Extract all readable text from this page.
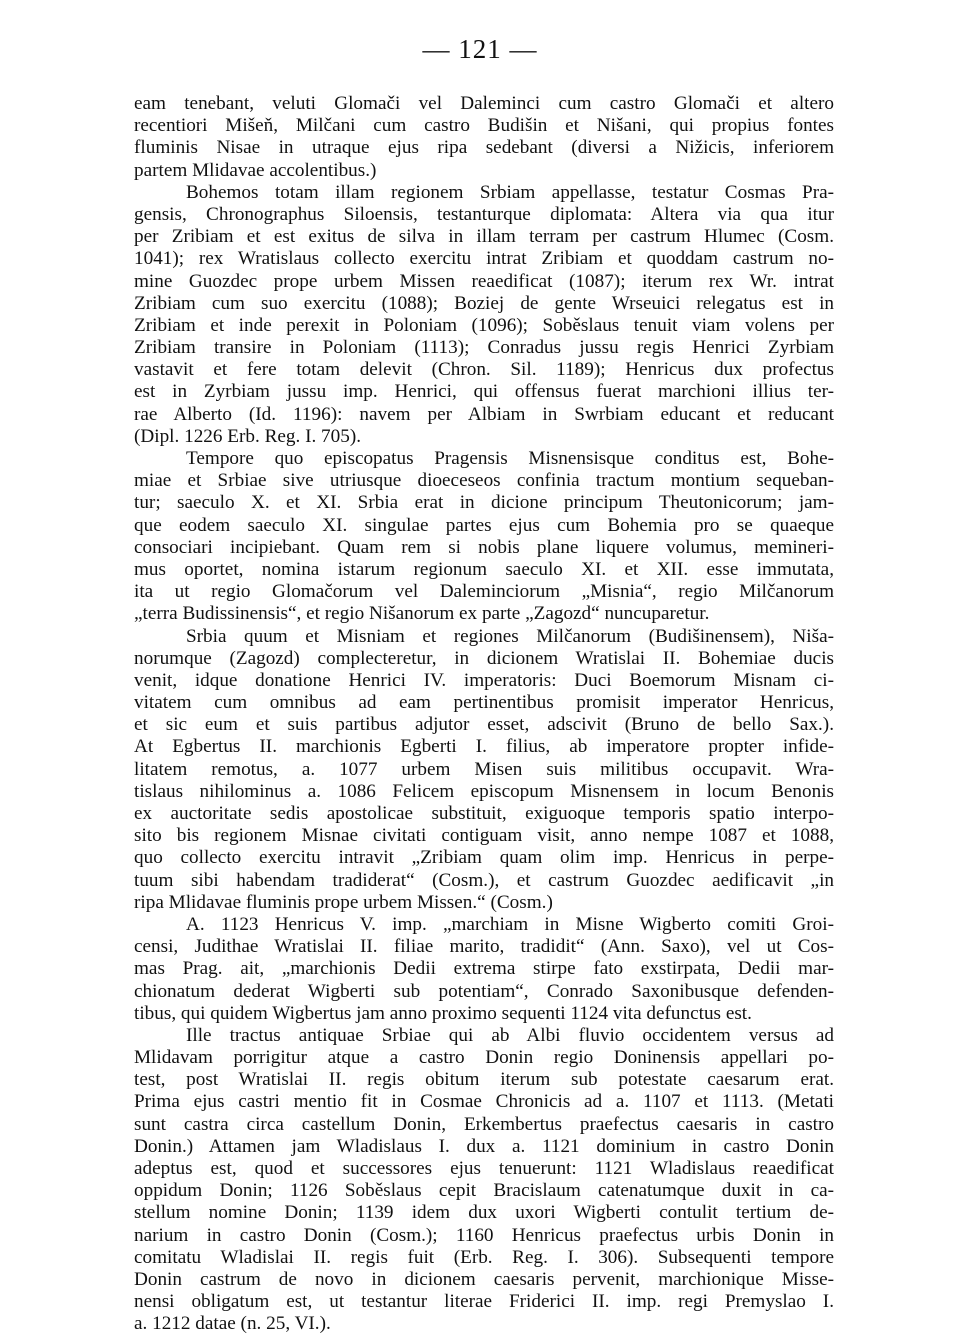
— 121 —
eam tenebant, veluti Glomači vel Daleminci cum castro Glomači et altero
recentiori Mišeň, Milčani cum castro Budišin et Nišani, qui propius fontes
fluminis Nisae in utraque ejus ripa sedebant (diversi a Nižicis, inferiorem
partem Mlidavae accolentibus.)
Bohemos totam illam regionem Srbiam appellasse, testatur Cosmas Pra-
gensis, Chronographus Siloensis, testanturque diplomata: Altera via qua itur
per Zribiam et est exitus de silva in illam terram per castrum Hlumec (Cosm.
1041); rex Wratislaus collecto exercitu intrat Zribiam et quoddam castrum no-
mine Guozdec prope urbem Missen reaedificat (1087); iterum rex Wr. intrat
Zribiam cum suo exercitu (1088); Boziej de gente Wrseuici relegatus est in
Zribiam et inde perexit in Poloniam (1096); Soběslaus tenuit viam volens per
Zribiam transire in Poloniam (1113); Conradus jussu regis Henrici Zyrbiam
vastavit et fere totam delevit (Chron. Sil. 1189); Henricus dux profectus
est in Zyrbiam jussu imp. Henrici, qui offensus fuerat marchioni illius ter-
rae Alberto (Id. 1196): navem per Albiam in Swrbiam educant et reducant
(Dipl. 1226 Erb. Reg. I. 705).
Tempore quo episcopatus Pragensis Misnensisque conditus est, Bohe-
miae et Srbiae sive utriusque dioeceseos confinia tractum montium sequeban-
tur; saeculo X. et XI. Srbia erat in dicione principum Theutonicorum; jam-
que eodem saeculo XI. singulae partes ejus cum Bohemia pro se quaeque
consociari incipiebant. Quam rem si nobis plane liquere volumus, memineri-
mus oportet, nomina istarum regionum saeculo XI. et XII. esse immutata,
ita ut regio Glomačorum vel Daleminciorum „Misnia“, regio Milčanorum
„terra Budissinensis“, et regio Nišanorum ex parte „Zagozd“ nuncuparetur.
Srbia quum et Misniam et regiones Milčanorum (Budišinensem), Niša-
norumque (Zagozd) complecteretur, in dicionem Wratislai II. Bohemiae ducis
venit, idque donatione Henrici IV. imperatoris: Duci Boemorum Misnam ci-
vitatem cum omnibus ad eam pertinentibus promisit imperator Henricus,
et sic eum et suis partibus adjutor esset, adscivit (Bruno de bello Sax.).
At Egbertus II. marchionis Egberti I. filius, ab imperatore propter infide-
litatem remotus, a. 1077 urbem Misen suis militibus occupavit. Wra-
tislaus nihilominus a. 1086 Felicem episcopum Misnensem in locum Benonis
ex auctoritate sedis apostolicae substituit, exiguoque temporis spatio interpo-
sito bis regionem Misnae civitati contiguam visit, anno nempe 1087 et 1088,
quo collecto exercitu intravit „Zribiam quam olim imp. Henricus in perpe-
tuum sibi habendam tradiderat“ (Cosm.), et castrum Guozdec aedificavit „in
ripa Mlidavae fluminis prope urbem Missen.“ (Cosm.)
A. 1123 Henricus V. imp. „marchiam in Misne Wigberto comiti Groi-
censi, Judithae Wratislai II. filiae marito, tradidit“ (Ann. Saxo), vel ut Cos-
mas Prag. ait, „marchionis Dedii extrema stirpe fato exstirpata, Dedii mar-
chionatum dederat Wigberti sub potentiam“, Conrado Saxonibusque defenden-
tibus, qui quidem Wigbertus jam anno proximo sequenti 1124 vita defunctus est.
Ille tractus antiquae Srbiae qui ab Albi fluvio occidentem versus ad
Mlidavam porrigitur atque a castro Donin regio Doninensis appellari po-
test, post Wratislai II. regis obitum iterum sub potestate caesarum erat.
Prima ejus castri mentio fit in Cosmae Chronicis ad a. 1107 et 1113. (Metati
sunt castra circa castellum Donin, Erkembertus praefectus caesaris in castro
Donin.) Attamen jam Wladislaus I. dux a. 1121 dominium in castro Donin
adeptus est, quod et successores ejus tenuerunt: 1121 Wladislaus reaedificat
oppidum Donin; 1126 Soběslaus cepit Bracislaum catenatumque duxit in ca-
stellum nomine Donin; 1139 idem dux uxori Wigberti contulit tertium de-
narium in castro Donin (Cosm.); 1160 Henricus praefectus urbis Donin in
comitatu Wladislai II. regis fuit (Erb. Reg. I. 306). Subsequenti tempore
Donin castrum de novo in dicionem caesaris pervenit, marchionique Misse-
nensi obligatum est, ut testantur literae Friderici II. imp. regi Premyslao I.
a. 1212 datae (n. 25, VI.).
